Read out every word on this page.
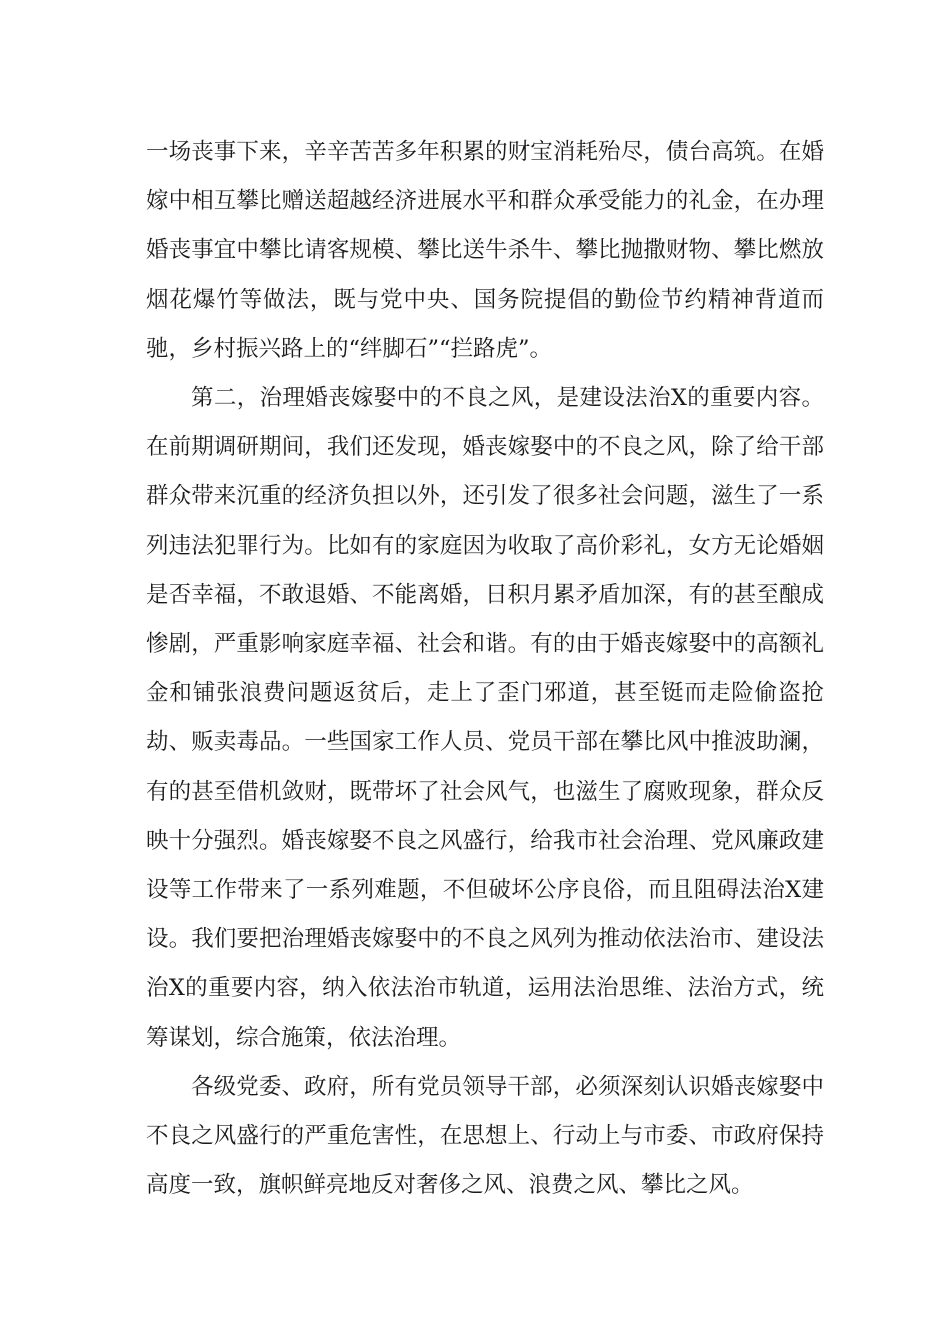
一场丧事下来，辛辛苦苦多年积累的财宝消耗殆尽，债台高筑。在婚嫁中相互攀比赠送超越经济进展水平和群众承受能力的礼金，在办理婚丧事宜中攀比请客规模、攀比送牛杀牛、攀比抛撒财物、攀比燃放烟花爆竹等做法，既与党中央、国务院提倡的勤俭节约精神背道而驰，乡村振兴路上的“绊脚石”“拦路虎”。

第二，治理婚丧嫁娶中的不良之风，是建设法治X的重要内容。在前期调研期间，我们还发现，婚丧嫁娶中的不良之风，除了给干部群众带来沉重的经济负担以外，还引发了很多社会问题，滋生了一系列违法犯罪行为。比如有的家庭因为收取了高价彩礼，女方无论婚姻是否幸福，不敢退婚、不能离婚，日积月累矛盾加深，有的甚至酿成惨剧，严重影响家庭幸福、社会和谐。有的由于婚丧嫁娶中的高额礼金和铺张浪费问题返贫后，走上了歪门邪道，甚至铤而走险偷盗抢劫、贩卖毒品。一些国家工作人员、党员干部在攀比风中推波助澜，有的甚至借机敛财，既带坏了社会风气，也滋生了腐败现象，群众反映十分强烈。婚丧嫁娶不良之风盛行，给我市社会治理、党风廉政建设等工作带来了一系列难题，不但破坏公序良俗，而且阻碍法治X建设。我们要把治理婚丧嫁娶中的不良之风列为推动依法治市、建设法治X的重要内容，纳入依法治市轨道，运用法治思维、法治方式，统筹谋划，综合施策，依法治理。

各级党委、政府，所有党员领导干部，必须深刻认识婚丧嫁娶中不良之风盛行的严重危害性，在思想上、行动上与市委、市政府保持高度一致，旗帜鲜亮地反对奢侈之风、浪费之风、攀比之风。
